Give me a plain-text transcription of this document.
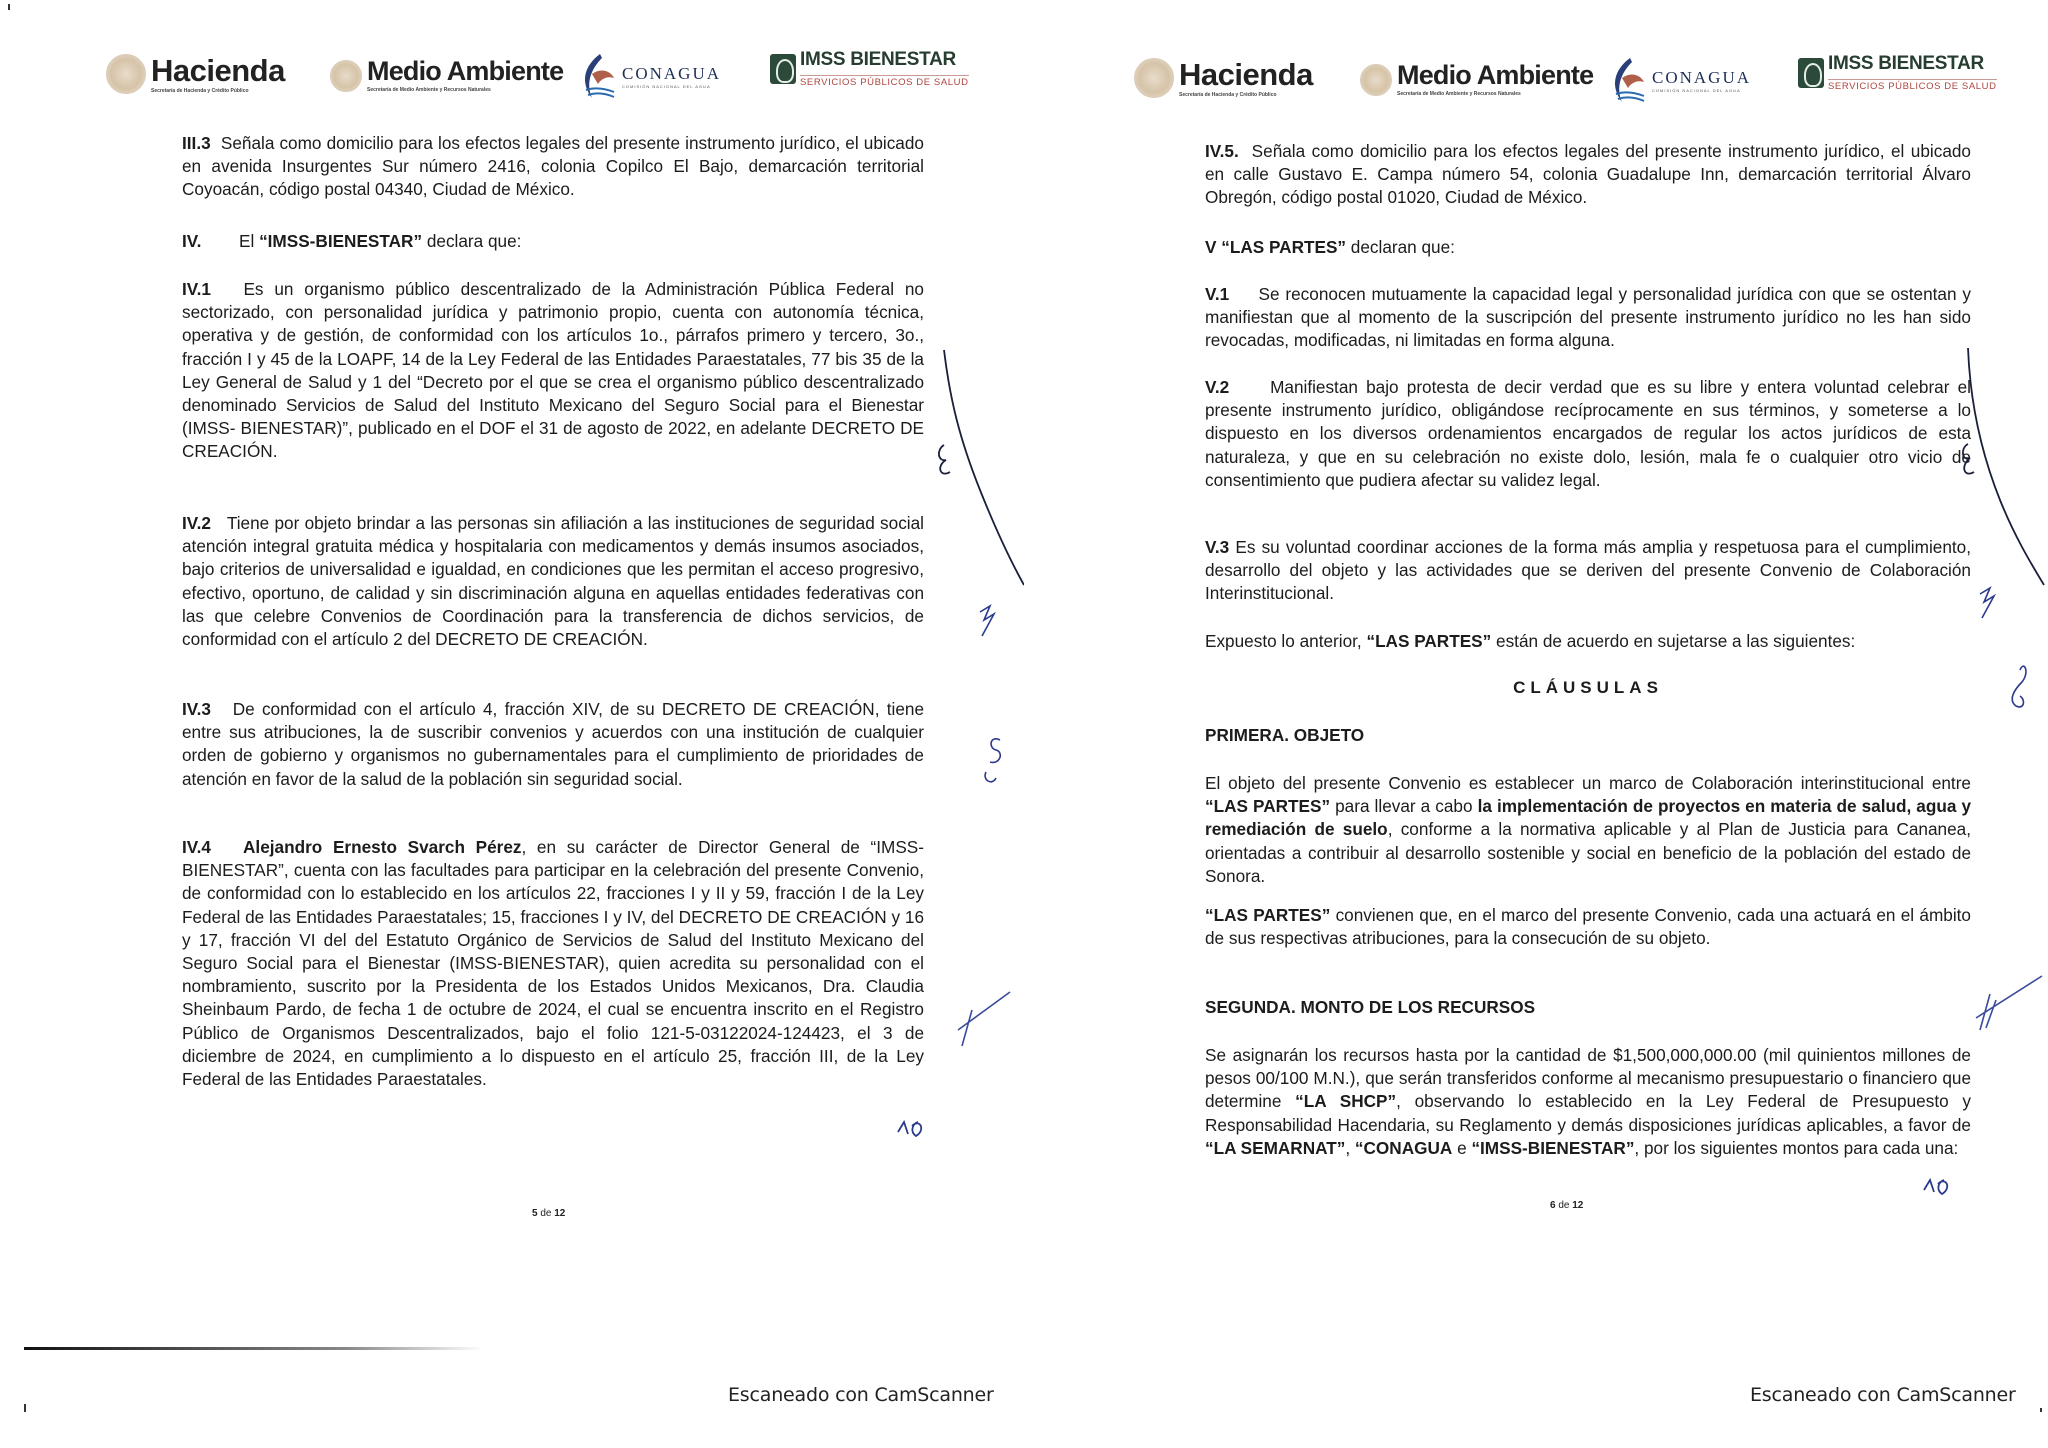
Hacienda
Secretaría de Hacienda y Crédito Público
Medio Ambiente
Secretaría de Medio Ambiente y Recursos Naturales
CONAGUA
COMISIÓN NACIONAL DEL AGUA
IMSS BIENESTAR
SERVICIOS PÚBLICOS DE SALUD

III.3 Señala como domicilio para los efectos legales del presente instrumento jurídico, el ubicado en avenida Insurgentes Sur número 2416, colonia Copilco El Bajo, demarcación territorial Coyoacán, código postal 04340, Ciudad de México.

IV. El “IMSS-BIENESTAR” declara que:

IV.1 Es un organismo público descentralizado de la Administración Pública Federal no sectorizado, con personalidad jurídica y patrimonio propio, cuenta con autonomía técnica, operativa y de gestión, de conformidad con los artículos 1o., párrafos primero y tercero, 3o., fracción I y 45 de la LOAPF, 14 de la Ley Federal de las Entidades Paraestatales, 77 bis 35 de la Ley General de Salud y 1 del “Decreto por el que se crea el organismo público descentralizado denominado Servicios de Salud del Instituto Mexicano del Seguro Social para el Bienestar (IMSS- BIENESTAR)”, publicado en el DOF el 31 de agosto de 2022, en adelante DECRETO DE CREACIÓN.

IV.2 Tiene por objeto brindar a las personas sin afiliación a las instituciones de seguridad social atención integral gratuita médica y hospitalaria con medicamentos y demás insumos asociados, bajo criterios de universalidad e igualdad, en condiciones que les permitan el acceso progresivo, efectivo, oportuno, de calidad y sin discriminación alguna en aquellas entidades federativas con las que celebre Convenios de Coordinación para la transferencia de dichos servicios, de conformidad con el artículo 2 del DECRETO DE CREACIÓN.

IV.3 De conformidad con el artículo 4, fracción XIV, de su DECRETO DE CREACIÓN, tiene entre sus atribuciones, la de suscribir convenios y acuerdos con una institución de cualquier orden de gobierno y organismos no gubernamentales para el cumplimiento de prioridades de atención en favor de la salud de la población sin seguridad social.

IV.4 Alejandro Ernesto Svarch Pérez, en su carácter de Director General de “IMSS-BIENESTAR”, cuenta con las facultades para participar en la celebración del presente Convenio, de conformidad con lo establecido en los artículos 22, fracciones I y II y 59, fracción I de la Ley Federal de las Entidades Paraestatales; 15, fracciones I y IV, del DECRETO DE CREACIÓN y 16 y 17, fracción VI del del Estatuto Orgánico de Servicios de Salud del Instituto Mexicano del Seguro Social para el Bienestar (IMSS-BIENESTAR), quien acredita su personalidad con el nombramiento, suscrito por la Presidenta de los Estados Unidos Mexicanos, Dra. Claudia Sheinbaum Pardo, de fecha 1 de octubre de 2024, el cual se encuentra inscrito en el Registro Público de Organismos Descentralizados, bajo el folio 121-5-03122024-124423, el 3 de diciembre de 2024, en cumplimiento a lo dispuesto en el artículo 25, fracción III, de la Ley Federal de las Entidades Paraestatales.

5 de 12
Escaneado con CamScanner
Hacienda
Secretaría de Hacienda y Crédito Público
Medio Ambiente
Secretaría de Medio Ambiente y Recursos Naturales
CONAGUA
COMISIÓN NACIONAL DEL AGUA
IMSS BIENESTAR
SERVICIOS PÚBLICOS DE SALUD

IV.5. Señala como domicilio para los efectos legales del presente instrumento jurídico, el ubicado en calle Gustavo E. Campa número 54, colonia Guadalupe Inn, demarcación territorial Álvaro Obregón, código postal 01020, Ciudad de México.

V “LAS PARTES” declaran que:

V.1 Se reconocen mutuamente la capacidad legal y personalidad jurídica con que se ostentan y manifiestan que al momento de la suscripción del presente instrumento jurídico no les han sido revocadas, modificadas, ni limitadas en forma alguna.

V.2 Manifiestan bajo protesta de decir verdad que es su libre y entera voluntad celebrar el presente instrumento jurídico, obligándose recíprocamente en sus términos, y someterse a lo dispuesto en los diversos ordenamientos encargados de regular los actos jurídicos de esta naturaleza, y que en su celebración no existe dolo, lesión, mala fe o cualquier otro vicio de consentimiento que pudiera afectar su validez legal.

V.3 Es su voluntad coordinar acciones de la forma más amplia y respetuosa para el cumplimiento, desarrollo del objeto y las actividades que se deriven del presente Convenio de Colaboración Interinstitucional.

Expuesto lo anterior, “LAS PARTES” están de acuerdo en sujetarse a las siguientes:

CLÁUSULAS
PRIMERA. OBJETO

El objeto del presente Convenio es establecer un marco de Colaboración interinstitucional entre “LAS PARTES” para llevar a cabo la implementación de proyectos en materia de salud, agua y remediación de suelo, conforme a la normativa aplicable y al Plan de Justicia para Cananea, orientadas a contribuir al desarrollo sostenible y social en beneficio de la población del estado de Sonora.

“LAS PARTES” convienen que, en el marco del presente Convenio, cada una actuará en el ámbito de sus respectivas atribuciones, para la consecución de su objeto.

SEGUNDA. MONTO DE LOS RECURSOS

Se asignarán los recursos hasta por la cantidad de $1,500,000,000.00 (mil quinientos millones de pesos 00/100 M.N.), que serán transferidos conforme al mecanismo presupuestario o financiero que determine “LA SHCP”, observando lo establecido en la Ley Federal de Presupuesto y Responsabilidad Hacendaria, su Reglamento y demás disposiciones jurídicas aplicables, a favor de “LA SEMARNAT”, “CONAGUA e “IMSS-BIENESTAR”, por los siguientes montos para cada una:

6 de 12
Escaneado con CamScanner
